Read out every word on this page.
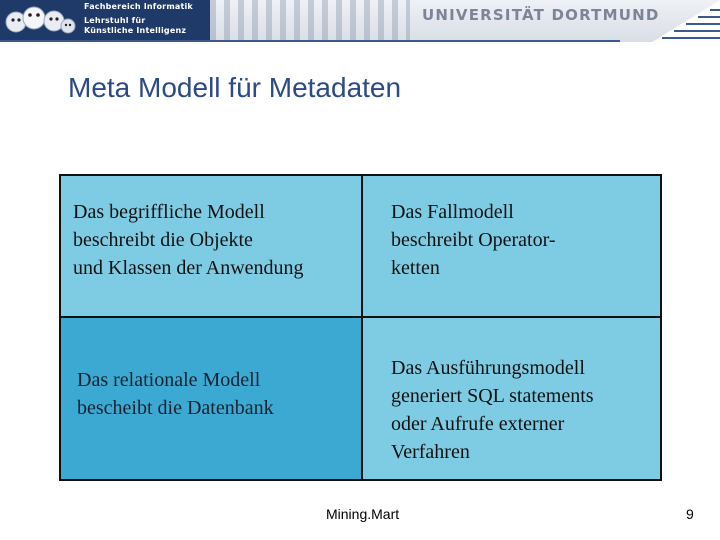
Fachbereich Informatik
Lehrstuhl für
Künstliche Intelligenz
UNIVERSITÄT DORTMUND
Meta Modell für Metadaten

Das begriffliche Modell
beschreibt die Objekte
und Klassen der Anwendung

Das Fallmodell
beschreibt Operator-
ketten

Das relationale Modell
bescheibt die Datenbank

Das Ausführungsmodell
generiert SQL statements
oder Aufrufe externer
Verfahren

Mining.Mart	9
